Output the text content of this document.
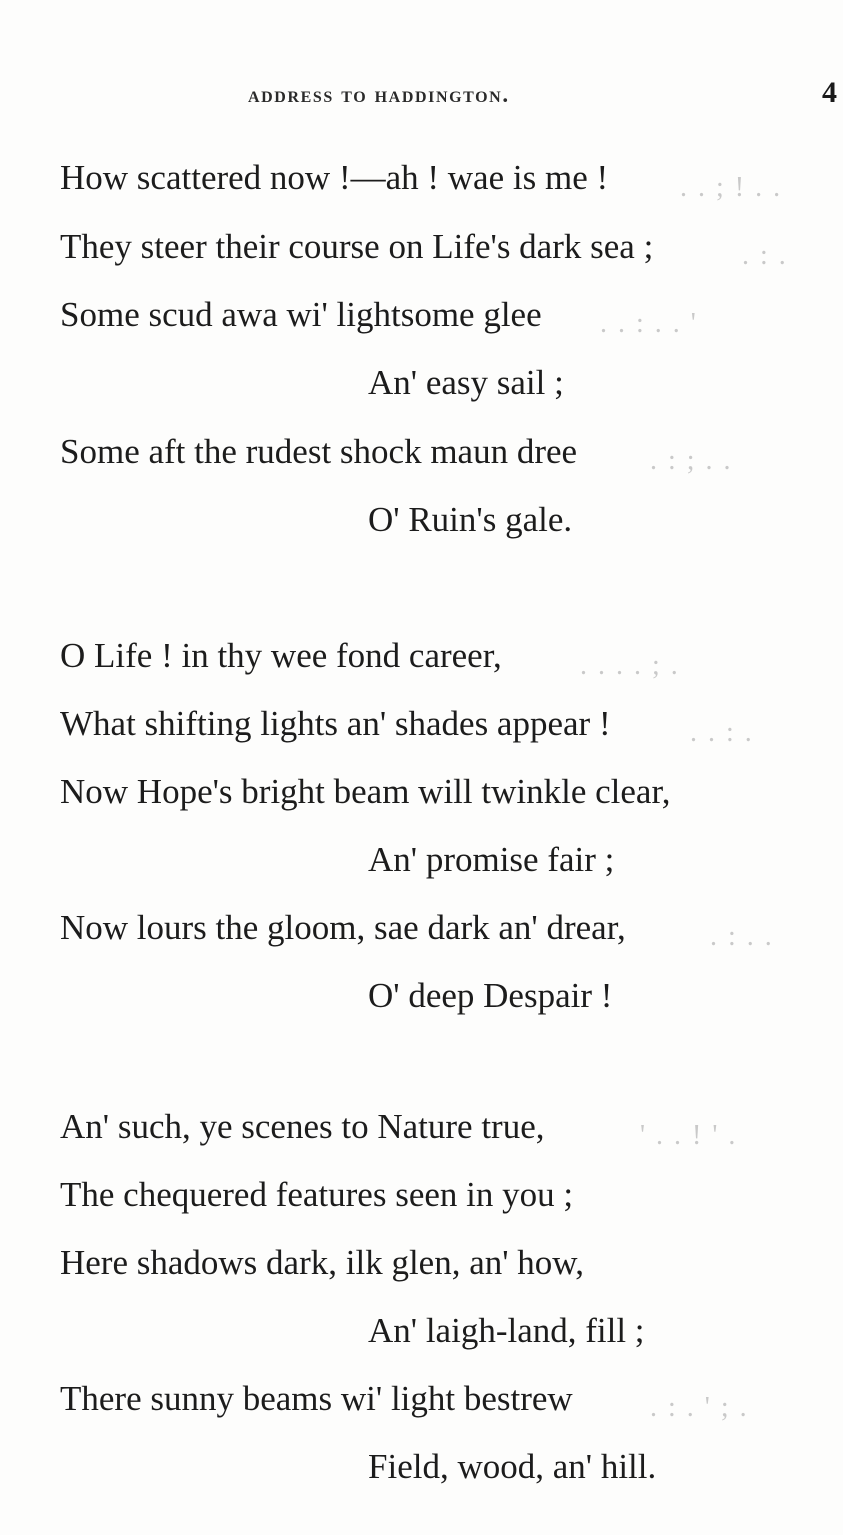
address to haddington.	4
How scattered now !—ah ! wae is me !
They steer their course on Life's dark sea ;
Some scud awa wi' lightsome glee
An' easy sail ;
Some aft the rudest shock maun dree
O' Ruin's gale.
O Life ! in thy wee fond career,
What shifting lights an' shades appear !
Now Hope's bright beam will twinkle clear,
An' promise fair ;
Now lours the gloom, sae dark an' drear,
O' deep Despair !
An' such, ye scenes to Nature true,
The chequered features seen in you ;
Here shadows dark, ilk glen, an' how,
An' laigh-land, fill ;
There sunny beams wi' light bestrew
Field, wood, an' hill.
. . ; ! . .
. : .
. . : . . '
. : ; . .
. . . . ; .
. . : .
. : . .
' . . ! ' .
. : . ' ; .
